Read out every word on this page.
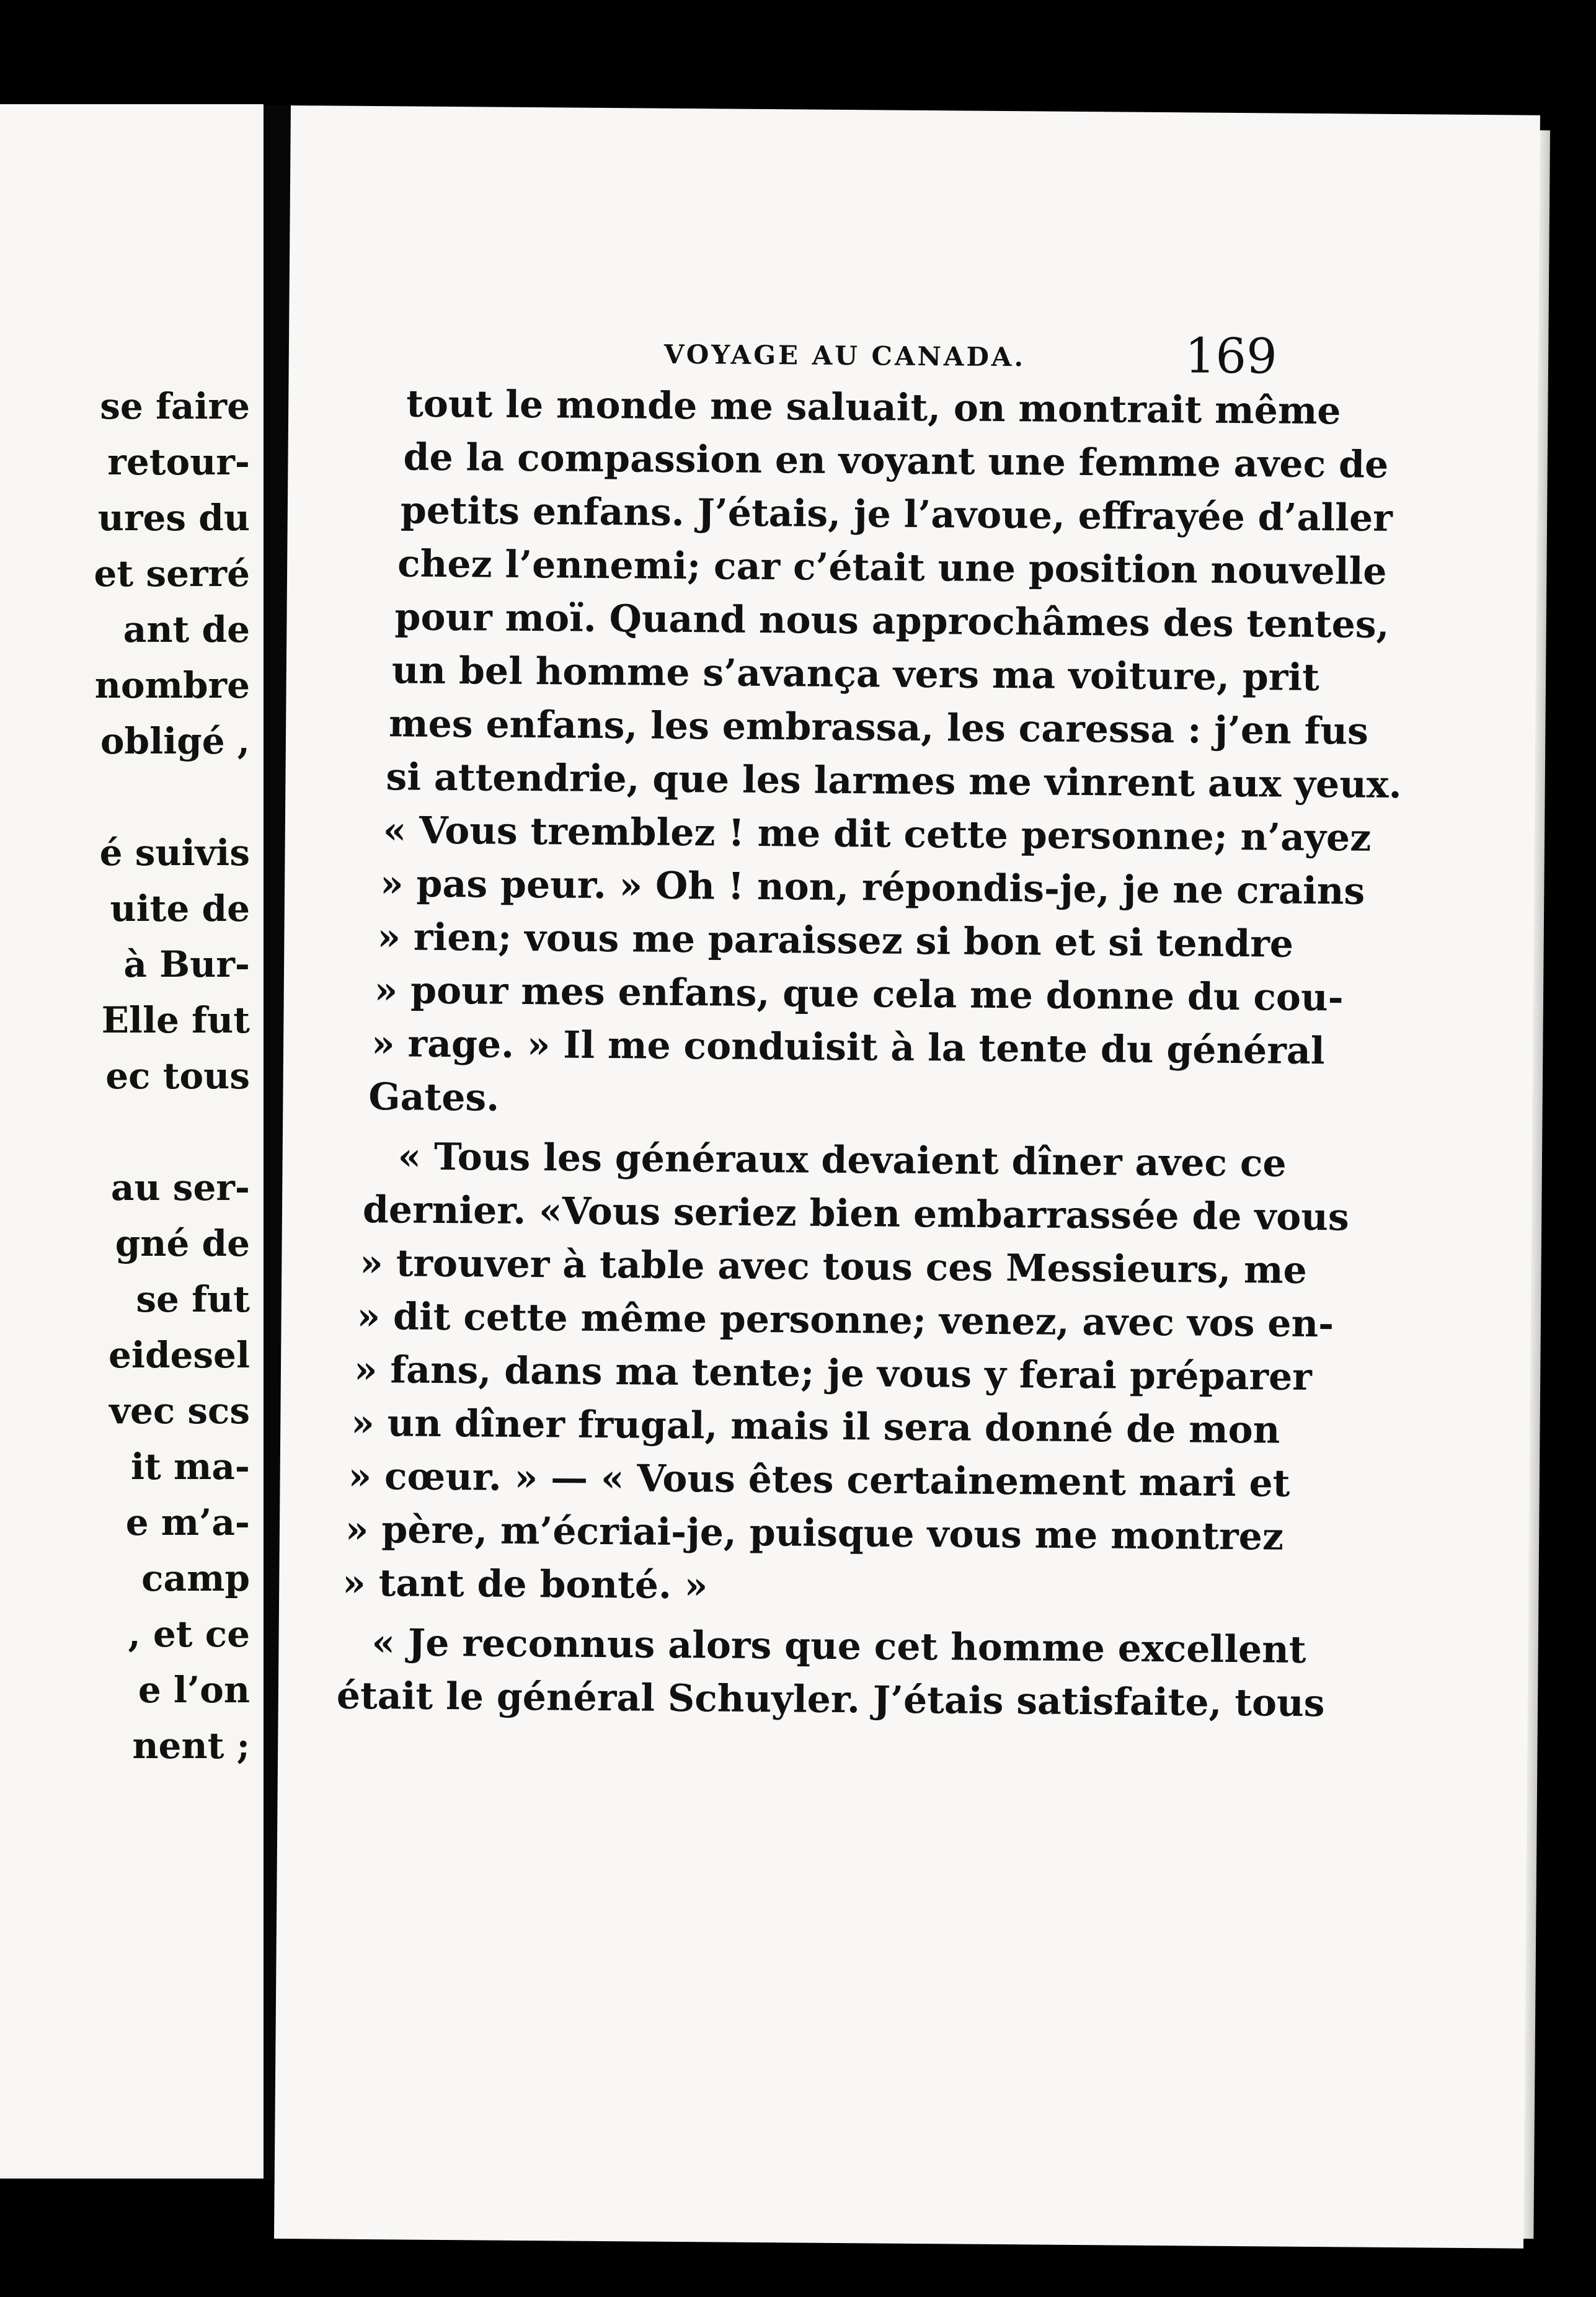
se faire
retour-
ures du
et serré
ant de
nombre
obligé ,
é suivis
uite de
à Bur-
Elle fut
ec tous
au ser-
gné de
se fut
eidesel
vec scs
it ma-
e m’a-
camp
, et ce
e l’on
nent ;
VOYAGE AU CANADA.	169
tout le monde me saluait, on montrait même
de la compassion en voyant une femme avec de
petits enfans. J’étais, je l’avoue, effrayée d’aller
chez l’ennemi; car c’était une position nouvelle
pour moï. Quand nous approchâmes des tentes,
un bel homme s’avança vers ma voiture, prit
mes enfans, les embrassa, les caressa : j’en fus
si attendrie, que les larmes me vinrent aux yeux.
« Vous tremblez ! me dit cette personne; n’ayez
» pas peur. » Oh ! non, répondis-je, je ne crains
» rien; vous me paraissez si bon et si tendre
» pour mes enfans, que cela me donne du cou-
» rage. » Il me conduisit à la tente du général
Gates.
« Tous les généraux devaient dîner avec ce
dernier. «Vous seriez bien embarrassée de vous
» trouver à table avec tous ces Messieurs, me
» dit cette même personne; venez, avec vos en-
» fans, dans ma tente; je vous y ferai préparer
» un dîner frugal, mais il sera donné de mon
» cœur. » — « Vous êtes certainement mari et
» père, m’écriai-je, puisque vous me montrez
» tant de bonté. »
« Je reconnus alors que cet homme excellent
était le général Schuyler. J’étais satisfaite, tous
